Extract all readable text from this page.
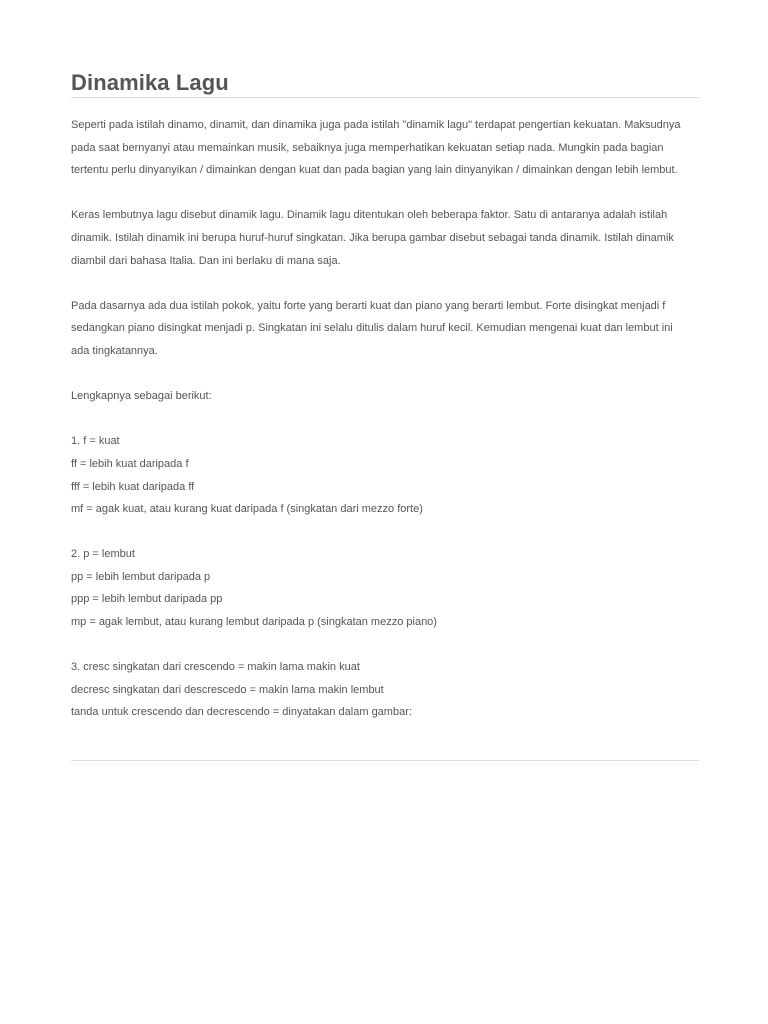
Dinamika Lagu

Seperti pada istilah dinamo, dinamit, dan dinamika juga pada istilah "dinamik lagu" terdapat pengertian kekuatan. Maksudnya

pada saat bernyanyi atau memainkan musik, sebaiknya juga memperhatikan kekuatan setiap nada. Mungkin pada bagian

tertentu perlu dinyanyikan / dimainkan dengan kuat dan pada bagian yang lain dinyanyikan / dimainkan dengan lebih lembut.

Keras lembutnya lagu disebut dinamik lagu. Dinamik lagu ditentukan oleh beberapa faktor. Satu di antaranya adalah istilah

dinamik. Istilah dinamik ini berupa huruf-huruf singkatan. Jika berupa gambar disebut sebagai tanda dinamik. Istilah dinamik

diambil dari bahasa Italia. Dan ini berlaku di mana saja.

Pada dasarnya ada dua istilah pokok, yaitu forte yang berarti kuat dan piano yang berarti lembut. Forte disingkat menjadi f

sedangkan piano disingkat menjadi p. Singkatan ini selalu ditulis dalam huruf kecil. Kemudian mengenai kuat dan lembut ini

ada tingkatannya.

Lengkapnya sebagai berikut:

1. f = kuat

ff = lebih kuat daripada f

fff = lebih kuat daripada ff

mf = agak kuat, atau kurang kuat daripada f (singkatan dari mezzo forte)

2. p = lembut

pp = lebih lembut daripada p

ppp = lebih lembut daripada pp

mp = agak lembut, atau kurang lembut daripada p (singkatan mezzo piano)

3. cresc singkatan dari crescendo = makin lama makin kuat

decresc singkatan dari descrescedo = makin lama makin lembut

tanda untuk crescendo dan decrescendo = dinyatakan dalam gambar:
